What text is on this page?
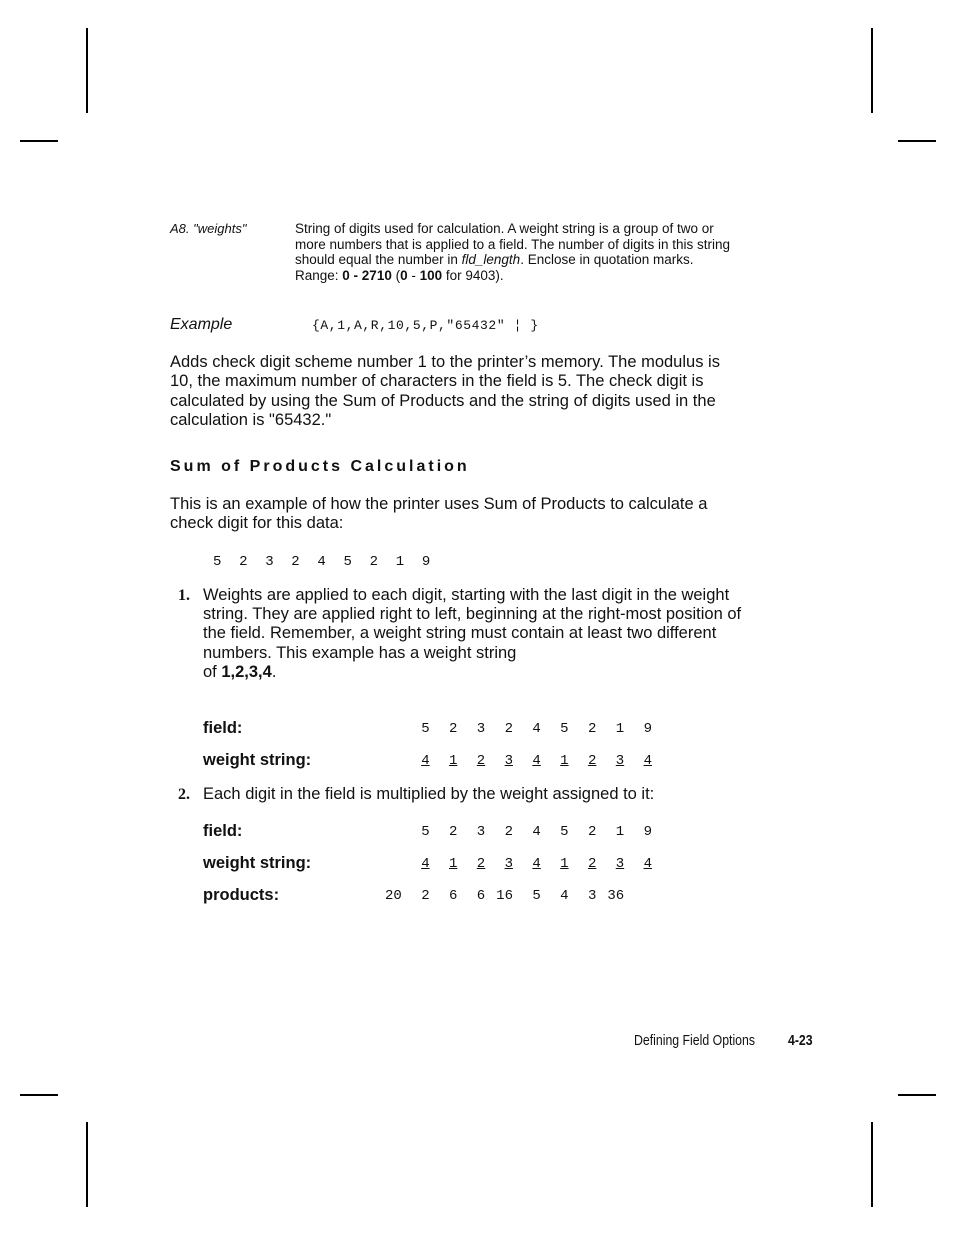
A8. "weights"	String of digits used for calculation. A weight string is a group of two or more numbers that is applied to a field. The number of digits in this string should equal the number in fld_length. Enclose in quotation marks. Range: 0 - 2710 (0 - 100 for 9403).
Example	{A,1,A,R,10,5,P,"65432" ¦ }
Adds check digit scheme number 1 to the printer’s memory. The modulus is 10, the maximum number of characters in the field is 5. The check digit is calculated by using the Sum of Products and the string of digits used in the calculation is "65432."
Sum of Products Calculation
This is an example of how the printer uses Sum of Products to calculate a check digit for this data:
5  2  3  2  4  5  2  1  9
1. Weights are applied to each digit, starting with the last digit in the weight string. They are applied right to left, beginning at the right-most position of the field. Remember, a weight string must contain at least two different numbers. This example has a weight string
of 1,2,3,4.
field:	5 2 3 2 4 5 2 1 9
weight string:	4 1 2 3 4 1 2 3 4
2. Each digit in the field is multiplied by the weight assigned to it:
field:	5 2 3 2 4 5 2 1 9
weight string:	4 1 2 3 4 1 2 3 4
products:	20 2 6 6 16 5 4 3 36
Defining Field Options 4-23
